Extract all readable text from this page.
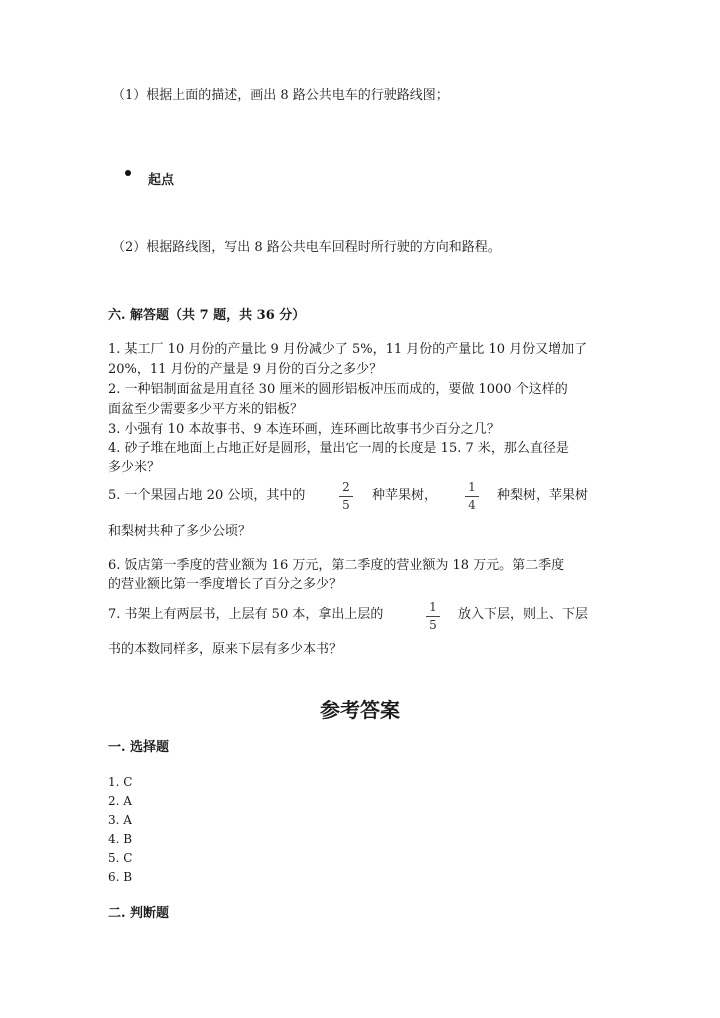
（1）根据上面的描述，画出 8 路公共电车的行驶路线图；
起点
（2）根据路线图，写出 8 路公共电车回程时所行驶的方向和路程。
六. 解答题（共 7 题，共 36 分）
1. 某工厂 10 月份的产量比 9 月份减少了 5%，11 月份的产量比 10 月份又增加了
20%，11 月份的产量是 9 月份的百分之多少？
2. 一种铝制面盆是用直径 30 厘米的圆形铝板冲压而成的，要做 1000 个这样的
面盆至少需要多少平方米的铝板？
3. 小强有 10 本故事书、9 本连环画，连环画比故事书少百分之几？
4. 砂子堆在地面上占地正好是圆形，量出它一周的长度是 15. 7 米，那么直径是
多少米？
5. 一个果园占地 20 公顷，其中的
2
5
种苹果树，
1
4
种梨树，苹果树
和梨树共种了多少公顷？
6. 饭店第一季度的营业额为 16 万元，第二季度的营业额为 18 万元。第二季度
的营业额比第一季度增长了百分之多少？
7. 书架上有两层书，上层有 50 本，拿出上层的	1
5
放入下层，则上、下层
书的本数同样多，原来下层有多少本书？
参考答案
一. 选择题
1. C
2. A
3. A
4. B
5. C
6. B
二. 判断题
